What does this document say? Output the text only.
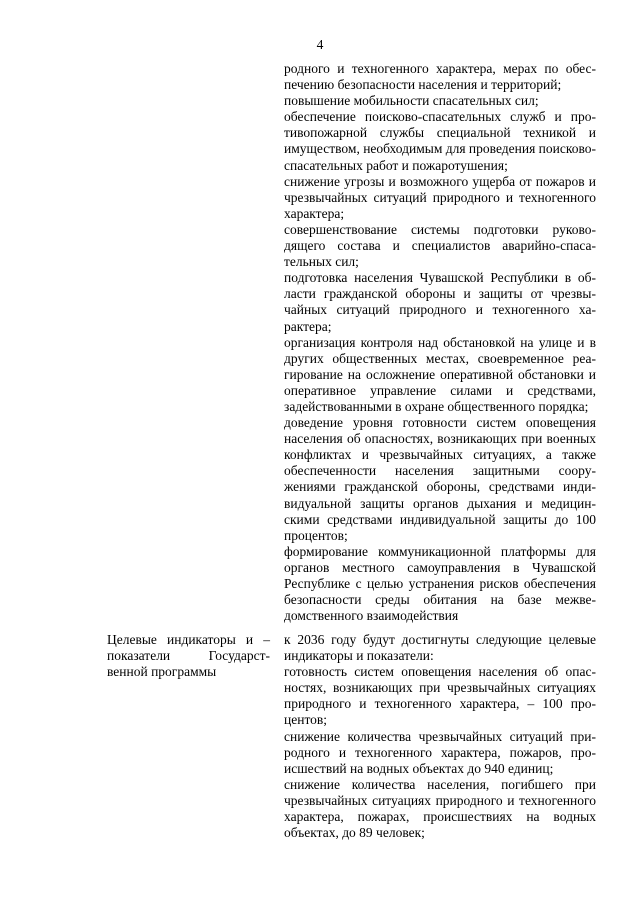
4

родного и техногенного характера, мерах по обеспечению безопасности населения и территорий;

повышение мобильности спасательных сил;

обеспечение поисково-спасательных служб и противопожарной службы специальной техникой и имуществом, необходимым для проведения поисково-спасательных работ и пожаротушения;

снижение угрозы и возможного ущерба от пожаров и чрезвычайных ситуаций природного и техногенного характера;

совершенствование системы подготовки руководящего состава и специалистов аварийно-спасательных сил;

подготовка населения Чувашской Республики в области гражданской обороны и защиты от чрезвычайных ситуаций природного и техногенного характера;

организация контроля над обстановкой на улице и в других общественных местах, своевременное реагирование на осложнение оперативной обстановки и оперативное управление силами и средствами, задействованными в охране общественного порядка;

доведение уровня готовности систем оповещения населения об опасностях, возникающих при военных конфликтах и чрезвычайных ситуациях, а также обеспеченности населения защитными сооружениями гражданской обороны, средствами индивидуальной защиты органов дыхания и медицинскими средствами индивидуальной защиты до 100 процентов;

формирование коммуникационной платформы для органов местного самоуправления в Чувашской Республике с целью устранения рисков обеспечения безопасности среды обитания на базе межведомственного взаимодействия

Целевые индикаторы и – показатели Государственной программы

к 2036 году будут достигнуты следующие целевые индикаторы и показатели:

готовность систем оповещения населения об опасностях, возникающих при чрезвычайных ситуациях природного и техногенного характера, – 100 процентов;

снижение количества чрезвычайных ситуаций природного и техногенного характера, пожаров, происшествий на водных объектах до 940 единиц;

снижение количества населения, погибшего при чрезвычайных ситуациях природного и техногенного характера, пожарах, происшествиях на водных объектах, до 89 человек;
